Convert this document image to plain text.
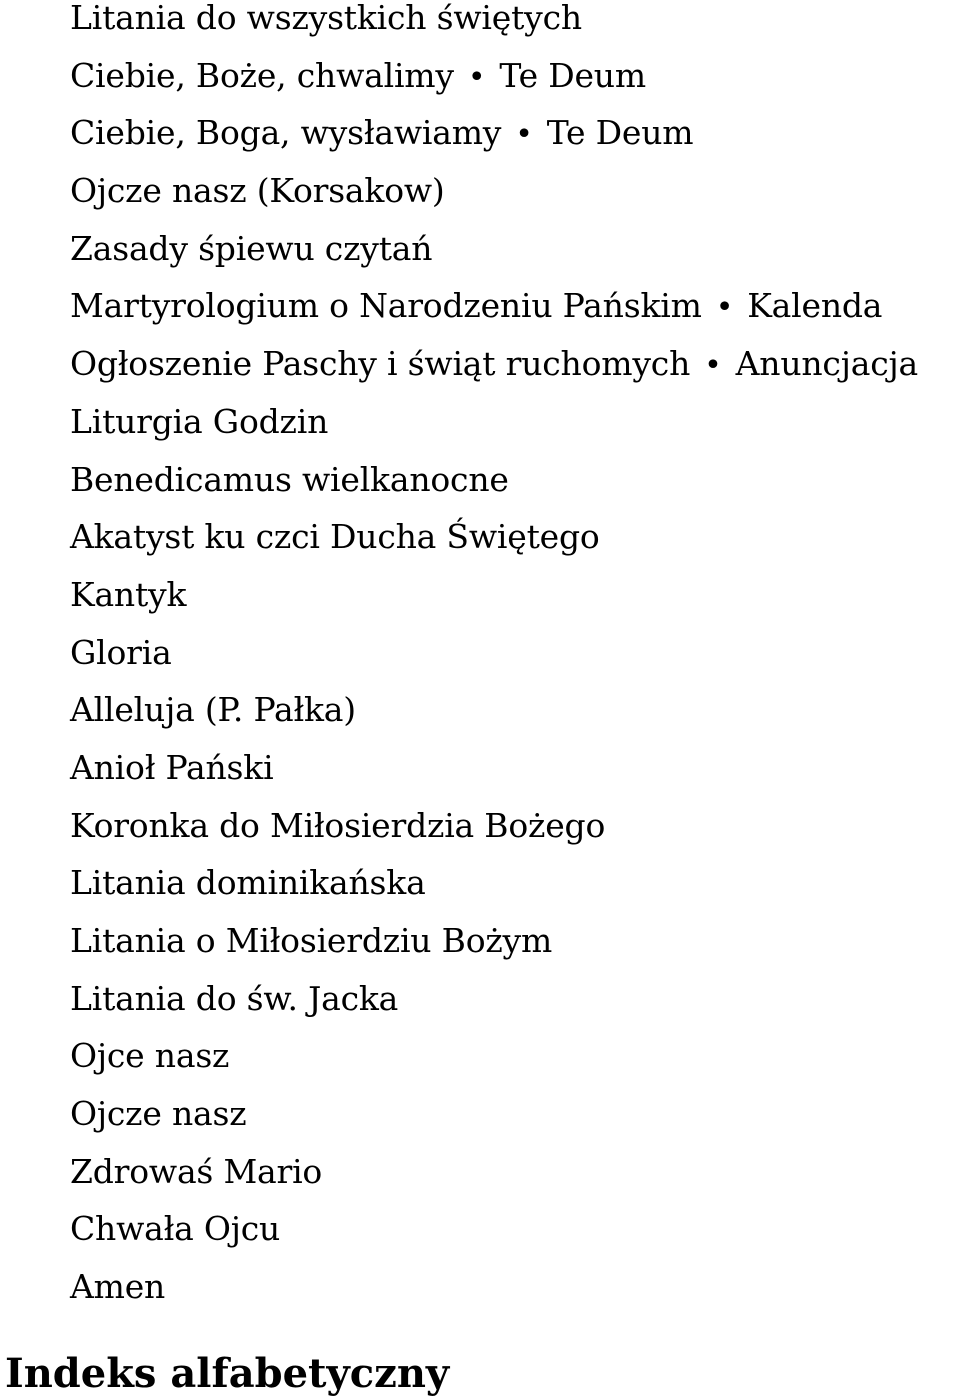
Litania do wszystkich świętych
Ciebie, Boże, chwalimy • Te Deum
Ciebie, Boga, wysławiamy • Te Deum
Ojcze nasz (Korsakow)
Zasady śpiewu czytań
Martyrologium o Narodzeniu Pańskim • Kalenda
Ogłoszenie Paschy i świąt ruchomych • Anuncjacja
Liturgia Godzin
Benedicamus wielkanocne
Akatyst ku czci Ducha Świętego
Kantyk
Gloria
Alleluja (P. Pałka)
Anioł Pański
Koronka do Miłosierdzia Bożego
Litania dominikańska
Litania o Miłosierdziu Bożym
Litania do św. Jacka
Ojce nasz
Ojcze nasz
Zdrowaś Mario
Chwała Ojcu
Amen
Indeks alfabetyczny
